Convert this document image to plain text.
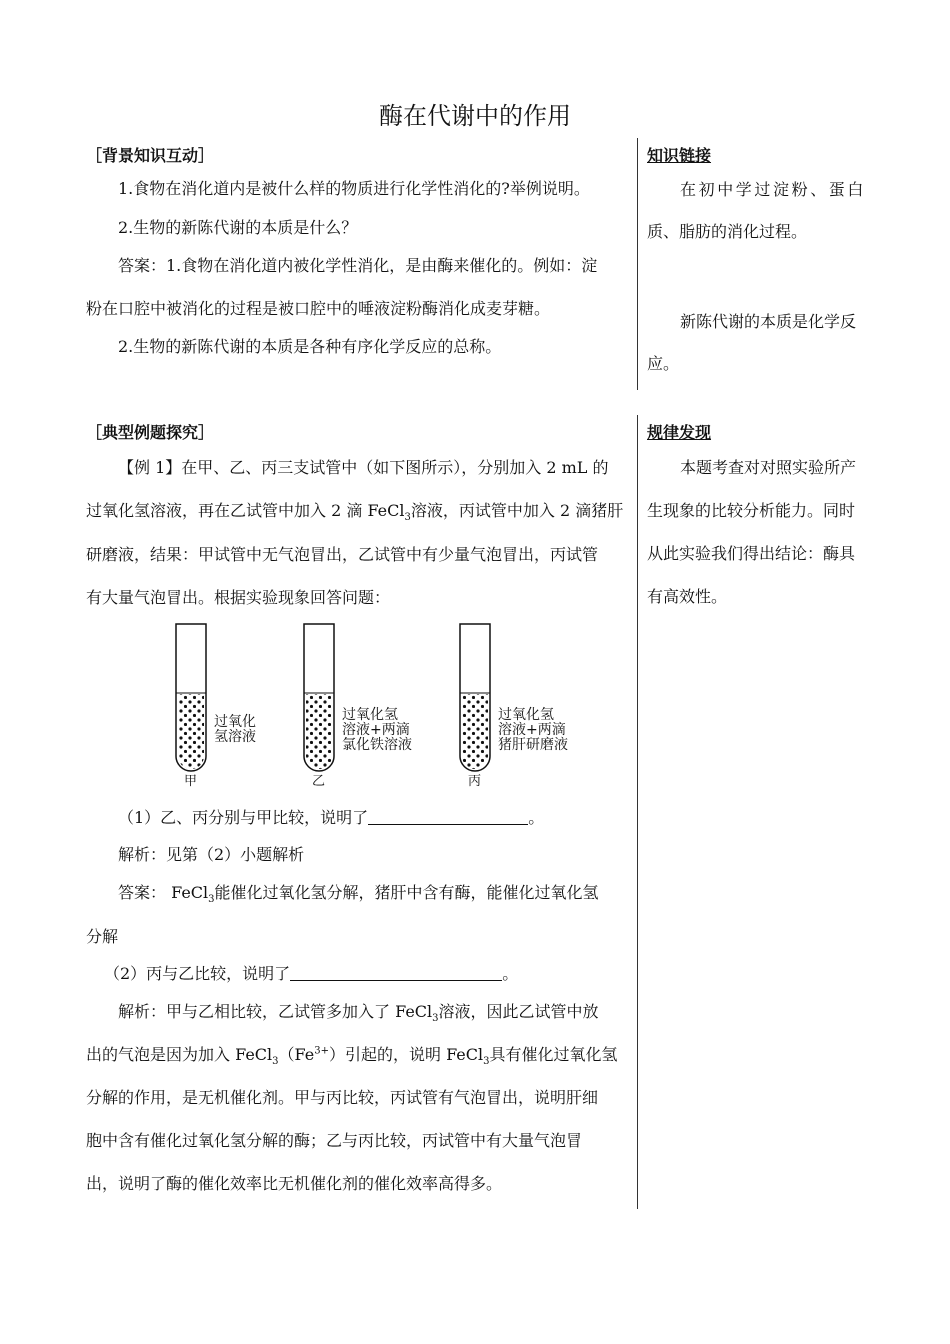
酶在代谢中的作用
［背景知识互动］
1.食物在消化道内是被什么样的物质进行化学性消化的?举例说明。
2.生物的新陈代谢的本质是什么？
答案：1.食物在消化道内被化学性消化，是由酶来催化的。例如：淀
粉在口腔中被消化的过程是被口腔中的唾液淀粉酶消化成麦芽糖。
2.生物的新陈代谢的本质是各种有序化学反应的总称。
知识链接
在初中学过淀粉、蛋白
质、脂肪的消化过程。
新陈代谢的本质是化学反
应。
［典型例题探究］
【例 1】在甲、乙、丙三支试管中（如下图所示），分别加入 2 mL 的
过氧化氢溶液，再在乙试管中加入 2 滴 FeCl$_3$溶液，丙试管中加入 2 滴猪肝
研磨液，结果：甲试管中无气泡冒出，乙试管中有少量气泡冒出，丙试管
有大量气泡冒出。根据实验现象回答问题：
过氧化
氢溶液
过氧化氢
溶液+两滴
氯化铁溶液
过氧化氢
溶液+两滴
猪肝研磨液
甲	乙	丙
（1）乙、丙分别与甲比较，说明了	。
解析：见第（2）小题解析
答案： FeCl$_3$能催化过氧化氢分解，猪肝中含有酶，能催化过氧化氢
分解
（2）丙与乙比较，说明了	。
解析：甲与乙相比较，乙试管多加入了 FeCl$_3$溶液，因此乙试管中放
出的气泡是因为加入 $FeCl_3(Fe^{3+})$引起的，说明 FeCl$_3$具有催化过氧化氢
分解的作用，是无机催化剂。甲与丙比较，丙试管有气泡冒出，说明肝细
胞中含有催化过氧化氢分解的酶；乙与丙比较，丙试管中有大量气泡冒
出，说明了酶的催化效率比无机催化剂的催化效率高得多。
规律发现
本题考查对对照实验所产
生现象的比较分析能力。同时
从此实验我们得出结论：酶具
有高效性。
